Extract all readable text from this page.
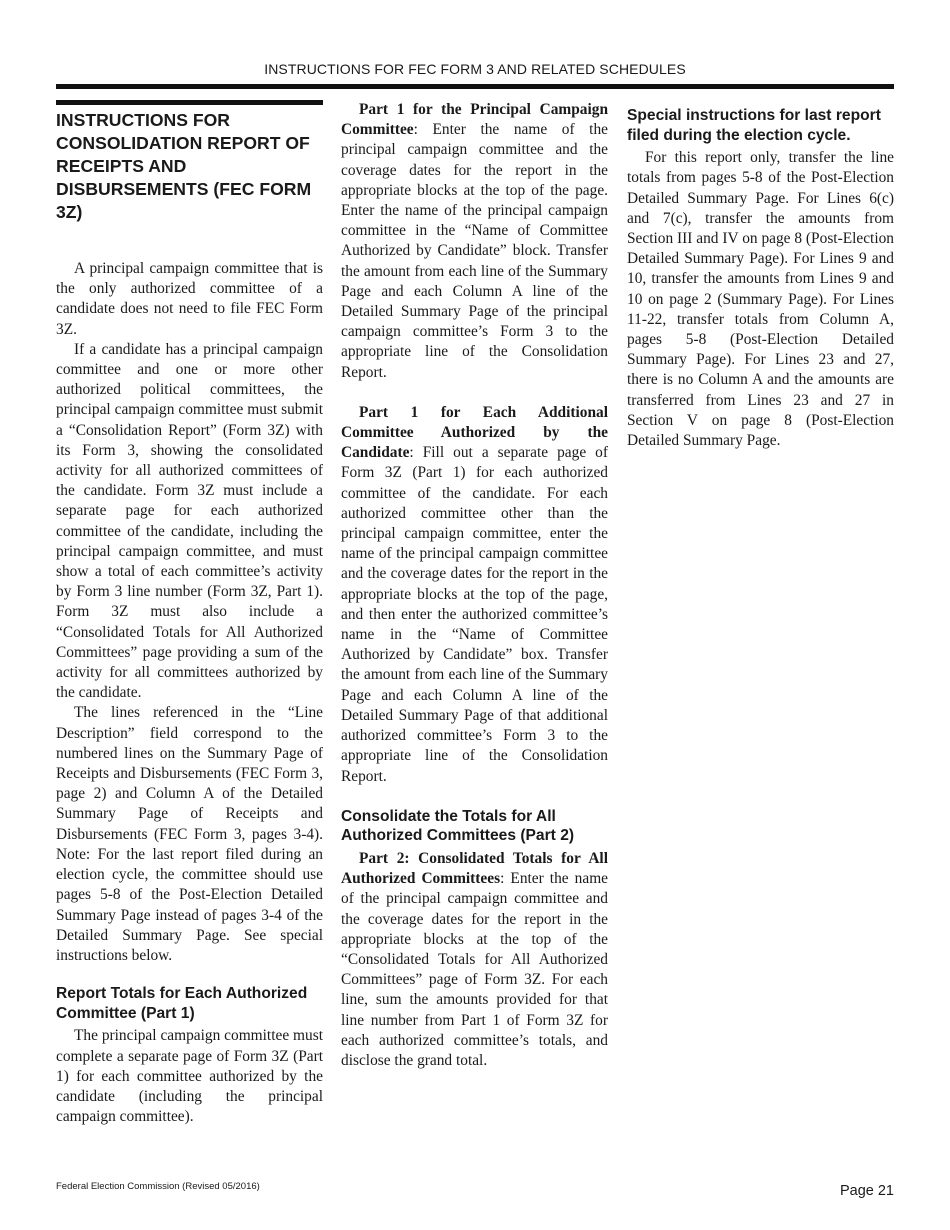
INSTRUCTIONS FOR FEC FORM 3 AND RELATED SCHEDULES
INSTRUCTIONS FOR CONSOLIDATION REPORT OF RECEIPTS AND DISBURSEMENTS (FEC FORM 3Z)

A principal campaign committee that is the only authorized committee of a candidate does not need to file FEC Form 3Z.

If a candidate has a principal campaign committee and one or more other authorized political committees, the principal campaign committee must submit a “Consolidation Report” (Form 3Z) with its Form 3, showing the consolidated activity for all authorized committees of the candidate. Form 3Z must include a separate page for each authorized committee of the candidate, including the principal campaign committee, and must show a total of each committee’s activity by Form 3 line number (Form 3Z, Part 1). Form 3Z must also include a “Consolidated Totals for All Authorized Committees” page providing a sum of the activity for all committees authorized by the candidate.

The lines referenced in the “Line Description” field correspond to the numbered lines on the Summary Page of Receipts and Disbursements (FEC Form 3, page 2) and Column A of the Detailed Summary Page of Receipts and Disbursements (FEC Form 3, pages 3-4). Note: For the last report filed during an election cycle, the committee should use pages 5-8 of the Post-Election Detailed Summary Page instead of pages 3-4 of the Detailed Summary Page. See special instructions below.

Report Totals for Each Authorized Committee (Part 1)

The principal campaign committee must complete a separate page of Form 3Z (Part 1) for each committee authorized by the candidate (including the principal campaign committee).

Part 1 for the Principal Campaign Committee: Enter the name of the principal campaign committee and the coverage dates for the report in the appropriate blocks at the top of the page. Enter the name of the principal campaign committee in the “Name of Committee Authorized by Candidate” block. Transfer the amount from each line of the Summary Page and each Column A line of the Detailed Summary Page of the principal campaign committee’s Form 3 to the appropriate line of the Consolidation Report.

Part 1 for Each Additional Committee Authorized by the Candidate: Fill out a separate page of Form 3Z (Part 1) for each authorized committee of the candidate. For each authorized committee other than the principal campaign committee, enter the name of the principal campaign committee and the coverage dates for the report in the appropriate blocks at the top of the page, and then enter the authorized committee’s name in the “Name of Committee Authorized by Candidate” box. Transfer the amount from each line of the Summary Page and each Column A line of the Detailed Summary Page of that additional authorized committee’s Form 3 to the appropriate line of the Consolidation Report.

Consolidate the Totals for All Authorized Committees (Part 2)

Part 2: Consolidated Totals for All Authorized Committees: Enter the name of the principal campaign committee and the coverage dates for the report in the appropriate blocks at the top of the “Consolidated Totals for All Authorized Committees” page of Form 3Z. For each line, sum the amounts provided for that line number from Part 1 of Form 3Z for each authorized committee’s totals, and disclose the grand total.

Special instructions for last report filed during the election cycle.

For this report only, transfer the line totals from pages 5-8 of the Post-Election Detailed Summary Page. For Lines 6(c) and 7(c), transfer the amounts from Section III and IV on page 8 (Post-Election Detailed Summary Page). For Lines 9 and 10, transfer the amounts from Lines 9 and 10 on page 2 (Summary Page). For Lines 11-22, transfer totals from Column A, pages 5-8 (Post-Election Detailed Summary Page). For Lines 23 and 27, there is no Column A and the amounts are transferred from Lines 23 and 27 in Section V on page 8 (Post-Election Detailed Summary Page.

Federal Election Commission (Revised 05/2016)	Page 21
